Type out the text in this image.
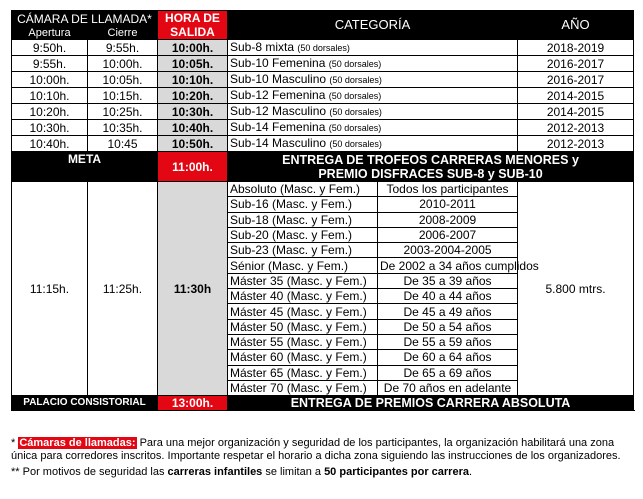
CÁMARA DE LLAMADA*		HORA DE
SALIDA	CATEGORÍA		AÑO	
Apertura	Cierre					
9:50h.	9:55h.	10:00h.	Sub-8 mixta (50 dorsales)		2018-2019	
9:55h.	10:00h.	10:05h.	Sub-10 Femenina (50 dorsales)		2016-2017	
10:00h.	10:05h.	10:10h.	Sub-10 Masculino (50 dorsales)		2016-2017	
10:10h.	10:15h.	10:20h.	Sub-12 Femenina (50 dorsales)		2014-2015	
10:20h.	10:25h.	10:30h.	Sub-12 Masculino (50 dorsales)		2014-2015	
10:30h.	10:35h.	10:40h.	Sub-14 Femenina (50 dorsales)		2012-2013	
10:40h.	10:45	10:50h.	Sub-14 Masculino (50 dorsales)		2012-2013	
META		11:00h.	ENTREGA DE TROFEOS CARRERAS MENORES y
PREMIO DISFRACES SUB-8 y SUB-10			
11:15h.	11:25h.	11:30h	Absoluto (Masc. y Fem.)	Todos los participantes	5.800 mtrs.	
			Sub-16 (Masc. y Fem.)	2010-2011		
			Sub-18 (Masc. y Fem.)	2008-2009		
			Sub-20 (Masc. y Fem.)	2006-2007		
			Sub-23 (Masc. y Fem.)	2003-2004-2005		
			Sénior (Masc. y Fem.)	De 2002 a 34 años cumplidos		
			Máster 35 (Masc. y Fem.)	De 35 a 39 años		
			Máster 40 (Masc. y Fem.)	De 40 a 44 años		
			Máster 45 (Masc. y Fem.)	De 45 a 49 años		
			Máster 50 (Masc. y Fem.)	De 50 a 54 años		
			Máster 55 (Masc. y Fem.)	De 55 a 59 años		
			Máster 60 (Masc. y Fem.)	De 60 a 64 años		
			Máster 65 (Masc. y Fem.)	De 65 a 69 años		
			Máster 70 (Masc. y Fem.)	De 70 años en adelante		
PALACIO CONSISTORIAL		13:00h.	ENTREGA DE PREMIOS CARRERA ABSOLUTA			

* Cámaras de llamadas: Para una mejor organización y seguridad de los participantes, la organización habilitará una zona única para corredores inscritos. Importante respetar el horario a dicha zona siguiendo las instrucciones de los organizadores.

** Por motivos de seguridad las carreras infantiles se limitan a 50 participantes por carrera.
